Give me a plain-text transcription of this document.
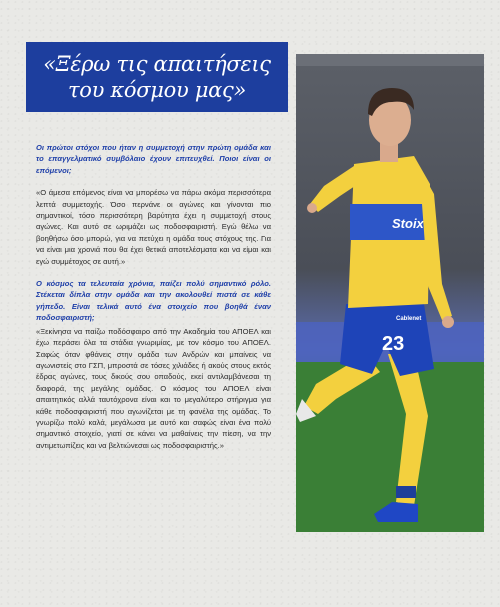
«Ξέρω τις απαιτήσεις του κόσμου μας»

Οι πρώτοι στόχοι που ήταν η συμμετοχή στην πρώτη ομάδα και το επαγγελματικό συμβόλαιο έχουν επιτευχθεί. Ποιοι είναι οι επόμενοι;

«Ο άμεσα επόμενος είναι να μπορέσω να πάρω ακόμα περισσότερα λεπτά συμμετοχής. Όσο περνάνε οι αγώνες και γίνονται πιο σημαντικοί, τόσο περισσότερη βαρύτητα έχει η συμμετοχή στους αγώνες. Και αυτό σε ωριμάζει ως ποδοσφαιριστή. Εγώ θέλω να βοηθήσω όσο μπορώ, για να πετύχει η ομάδα τους στόχους της. Για να είναι μια χρονιά που θα έχει θετικά αποτελέσματα και να είμαι και εγώ συμμέτοχος σε αυτή.»

Ο κόσμος τα τελευταία χρόνια, παίζει πολύ σημαντικό ρόλο. Στέκεται δίπλα στην ομάδα και την ακολουθεί πιστά σε κάθε γήπεδο. Είναι τελικά αυτό ένα στοιχείο που βοηθά έναν ποδοσφαιριστή;

«Ξεκίνησα να παίζω ποδόσφαιρο από την Ακαδημία του ΑΠΟΕΛ και έχω περάσει όλα τα στάδια γνωριμίας, με τον κόσμο του ΑΠΟΕΛ. Σαφώς όταν φθάνεις στην ομάδα των Ανδρών και μπαίνεις να αγωνιστείς στο ΓΣΠ, μπροστά σε τόσες χιλιάδες ή ακούς στους εκτός έδρας αγώνες, τους δικούς σου οπαδούς, εκεί αντιλαμβάνεσαι τη διαφορά, της μεγάλης ομάδας. Ο κόσμος του ΑΠΟΕΛ είναι απαιτητικός αλλά ταυτόχρονα είναι και το μεγαλύτερο στήριγμα για κάθε ποδοσφαιριστή που αγωνίζεται με τη φανέλα της ομάδας. Το γνωρίζω πολύ καλά, μεγάλωσα με αυτό και σαφώς είναι ένα πολύ σημαντικό στοιχείο, γιατί σε κάνει να μαθαίνεις την πίεση, να την αντιμετωπίζεις και να βελτιώνεσαι ως ποδοσφαιριστής.»

23
Cablenet
Stoix
